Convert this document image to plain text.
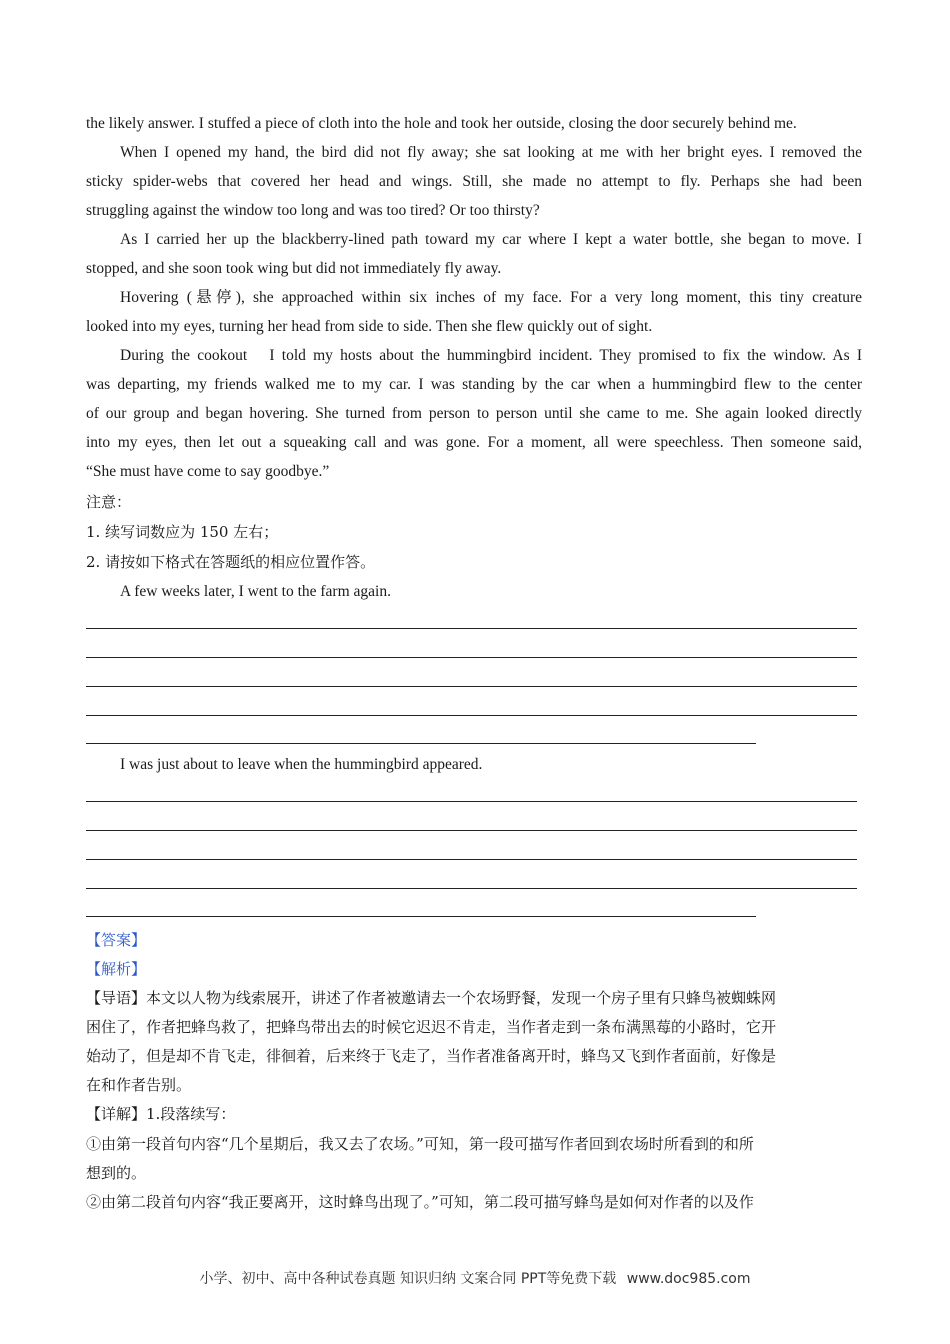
the likely answer. I stuffed a piece of cloth into the hole and took her outside, closing the door securely behind me.
When I opened my hand, the bird did not fly away; she sat looking at me with her bright eyes. I removed the
sticky spider-webs that covered her head and wings. Still, she made no attempt to fly. Perhaps she had been
struggling against the window too long and was too tired? Or too thirsty?
As I carried her up the blackberry-lined path toward my car where I kept a water bottle, she began to move. I
stopped, and she soon took wing but did not immediately fly away.
Hovering (悬停), she approached within six inches of my face. For a very long moment, this tiny creature
looked into my eyes, turning her head from side to side. Then she flew quickly out of sight.
During the cookout　I told my hosts about the hummingbird incident. They promised to fix the window. As I
was departing, my friends walked me to my car. I was standing by the car when a hummingbird flew to the center
of our group and began hovering. She turned from person to person until she came to me. She again looked directly
into my eyes, then let out a squeaking call and was gone. For a moment, all were speechless. Then someone said,
“She must have come to say goodbye.”
注意：
1. 续写词数应为 150 左右；
2. 请按如下格式在答题纸的相应位置作答。
A few weeks later, I went to the farm again.
I was just about to leave when the hummingbird appeared.
【答案】
【解析】
【导语】本文以人物为线索展开，讲述了作者被邀请去一个农场野餐，发现一个房子里有只蜂鸟被蜘蛛网
困住了，作者把蜂鸟救了，把蜂鸟带出去的时候它迟迟不肯走，当作者走到一条布满黑莓的小路时，它开
始动了，但是却不肯飞走，徘徊着，后来终于飞走了，当作者准备离开时，蜂鸟又飞到作者面前，好像是
在和作者告别。
【详解】1.段落续写：
①由第一段首句内容“几个星期后，我又去了农场。”可知，第一段可描写作者回到农场时所看到的和所
想到的。
②由第二段首句内容“我正要离开，这时蜂鸟出现了。”可知，第二段可描写蜂鸟是如何对作者的以及作
小学、初中、高中各种试卷真题 知识归纳 文案合同 PPT等免费下载 www.doc985.com
